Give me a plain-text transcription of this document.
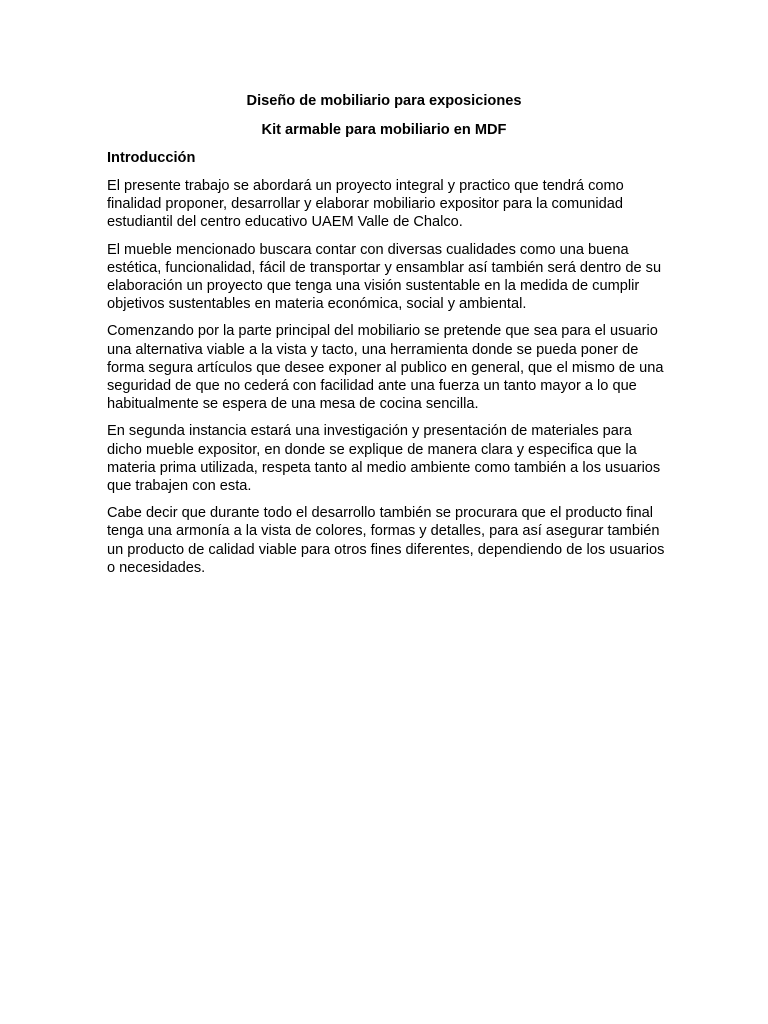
Diseño de mobiliario para exposiciones

Kit armable para mobiliario en MDF

Introducción

El presente trabajo se abordará un proyecto integral y practico que tendrá como finalidad proponer, desarrollar y elaborar mobiliario expositor para la comunidad estudiantil del centro educativo UAEM Valle de Chalco.

El mueble mencionado buscara contar con diversas cualidades como una buena estética, funcionalidad, fácil de transportar y ensamblar así también será dentro de su elaboración un proyecto que tenga una visión sustentable en la medida de cumplir objetivos sustentables en materia económica, social y ambiental.

Comenzando por la parte principal del mobiliario se pretende que sea para el usuario una alternativa viable a la vista y tacto, una herramienta donde se pueda poner de forma segura artículos que desee exponer al publico en general, que el mismo de una seguridad de que no cederá con facilidad ante una fuerza un tanto mayor a lo que habitualmente se espera de una mesa de cocina sencilla.

En segunda instancia estará una investigación y presentación de materiales para dicho mueble expositor, en donde se explique de manera clara y especifica que la materia prima utilizada, respeta tanto al medio ambiente como también a los usuarios que trabajen con esta.

Cabe decir que durante todo el desarrollo también se procurara que el producto final tenga una armonía a la vista de colores, formas y detalles, para así asegurar también un producto de calidad viable para otros fines diferentes, dependiendo de los usuarios o necesidades.
